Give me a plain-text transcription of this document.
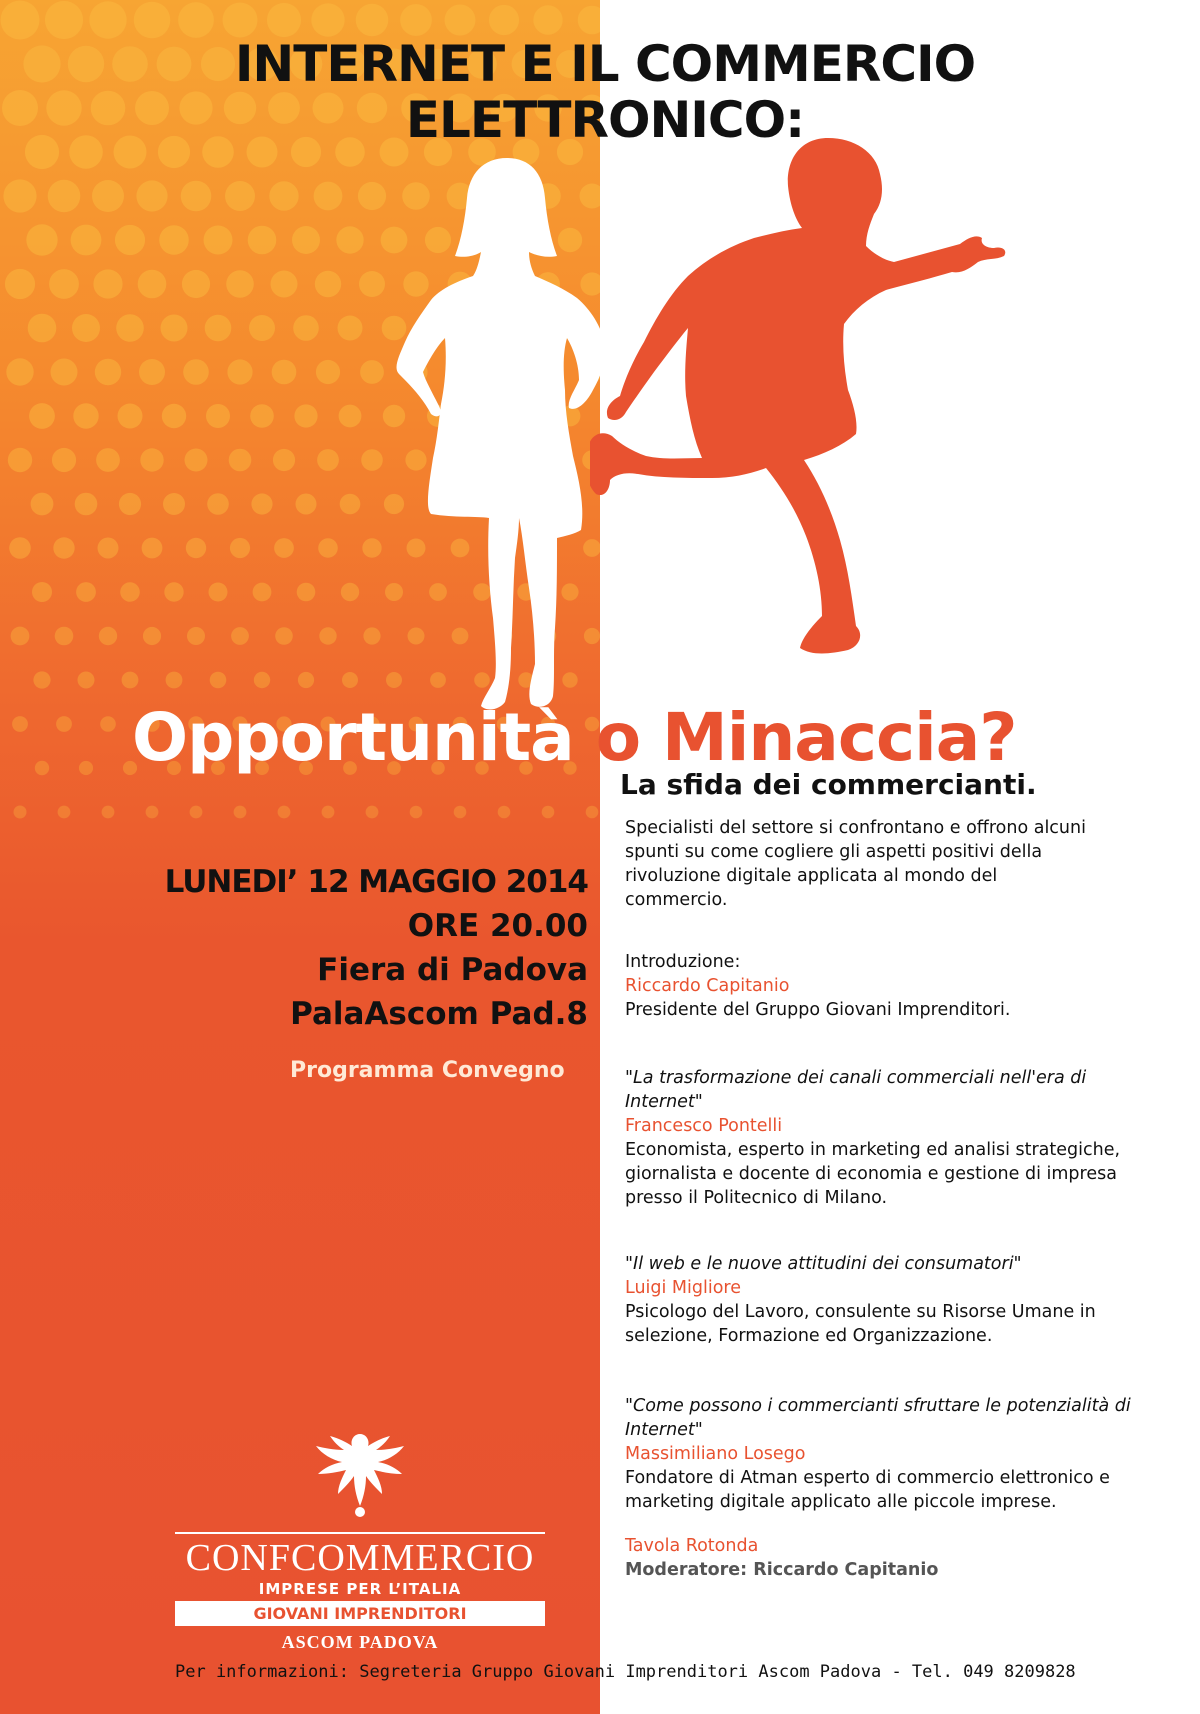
INTERNET E IL COMMERCIO
ELETTRONICO:
Opportunità o Minaccia?

La sfida dei commercianti.

Specialisti del settore si confrontano e offrono alcuni spunti su come cogliere gli aspetti positivi della rivoluzione digitale applicata al mondo del commercio.

LUNEDI’ 12 MAGGIO 2014
ORE 20.00
Fiera di Padova
PalaAscom Pad.8

Programma Convegno

Introduzione:

Riccardo Capitanio

Presidente del Gruppo Giovani Imprenditori.

"La trasformazione dei canali commerciali nell'era di Internet"

Francesco Pontelli

Economista, esperto in marketing ed analisi strategiche, giornalista e docente di economia e gestione di impresa presso il Politecnico di Milano.

"Il web e le nuove attitudini dei consumatori"

Luigi Migliore

Psicologo del Lavoro, consulente su Risorse Umane in selezione, Formazione ed Organizzazione.

"Come possono i commercianti sfruttare le potenzialità di Internet"

Massimiliano Losego

Fondatore di Atman esperto di commercio elettronico e marketing digitale applicato alle piccole imprese.

Tavola Rotonda

Moderatore: Riccardo Capitanio

CONFCOMMERCIO
IMPRESE PER L’ITALIA
GIOVANI IMPRENDITORI
ASCOM PADOVA

Per informazioni: Segreteria Gruppo Giovani Imprenditori Ascom Padova - Tel. 049 8209828
